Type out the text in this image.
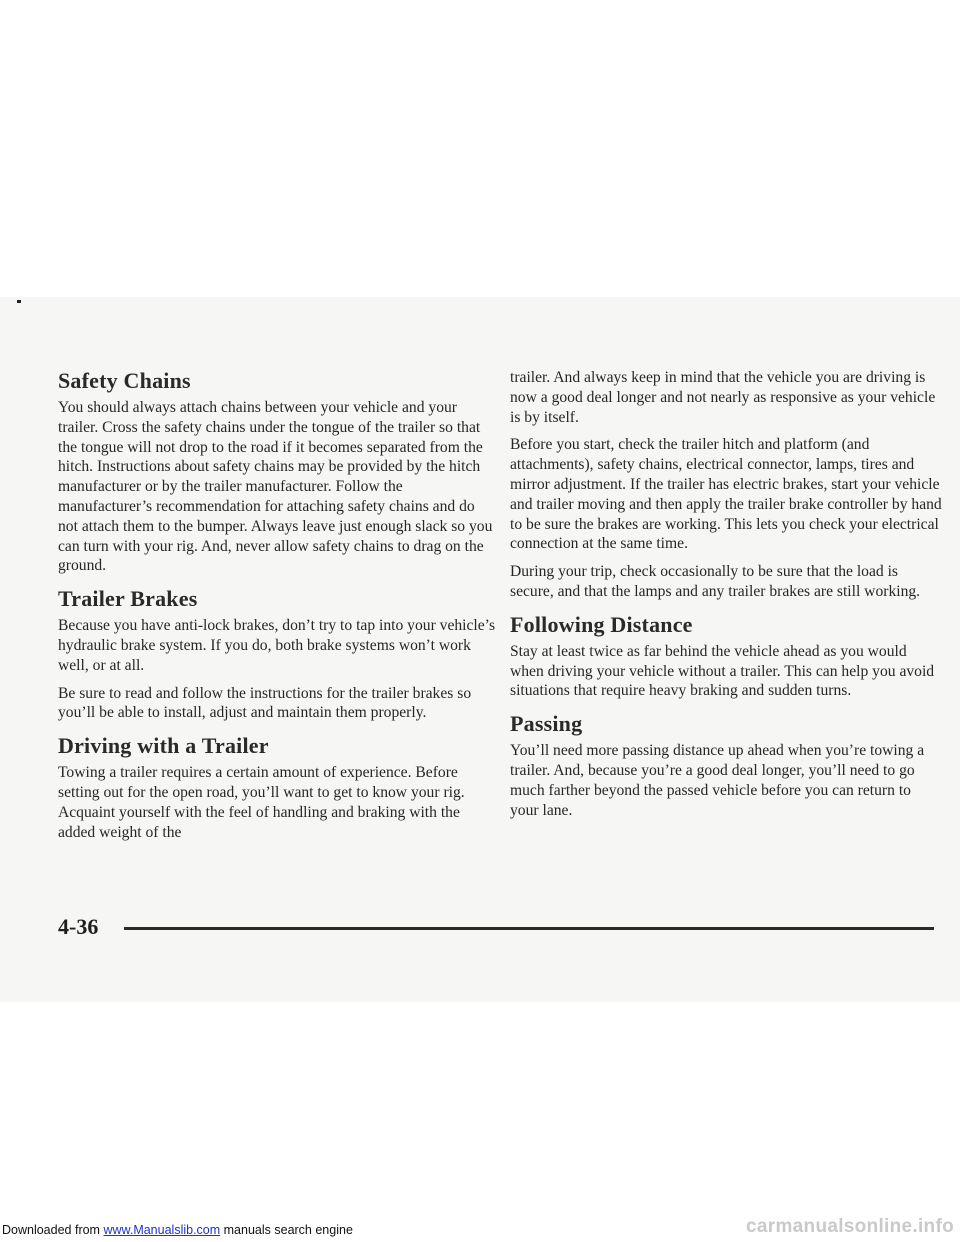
Safety Chains

You should always attach chains between your vehicle and your trailer. Cross the safety chains under the tongue of the trailer so that the tongue will not drop to the road if it becomes separated from the hitch. Instructions about safety chains may be provided by the hitch manufacturer or by the trailer manufacturer. Follow the manufacturer’s recommendation for attaching safety chains and do not attach them to the bumper. Always leave just enough slack so you can turn with your rig. And, never allow safety chains to drag on the ground.

Trailer Brakes

Because you have anti-lock brakes, don’t try to tap into your vehicle’s hydraulic brake system. If you do, both brake systems won’t work well, or at all.

Be sure to read and follow the instructions for the trailer brakes so you’ll be able to install, adjust and maintain them properly.

Driving with a Trailer

Towing a trailer requires a certain amount of experience. Before setting out for the open road, you’ll want to get to know your rig. Acquaint yourself with the feel of handling and braking with the added weight of the

trailer. And always keep in mind that the vehicle you are driving is now a good deal longer and not nearly as responsive as your vehicle is by itself.

Before you start, check the trailer hitch and platform (and attachments), safety chains, electrical connector, lamps, tires and mirror adjustment. If the trailer has electric brakes, start your vehicle and trailer moving and then apply the trailer brake controller by hand to be sure the brakes are working. This lets you check your electrical connection at the same time.

During your trip, check occasionally to be sure that the load is secure, and that the lamps and any trailer brakes are still working.

Following Distance

Stay at least twice as far behind the vehicle ahead as you would when driving your vehicle without a trailer. This can help you avoid situations that require heavy braking and sudden turns.

Passing

You’ll need more passing distance up ahead when you’re towing a trailer. And, because you’re a good deal longer, you’ll need to go much farther beyond the passed vehicle before you can return to your lane.

4-36
Downloaded from www.Manualslib.com manuals search engine	carmanualsonline.info
